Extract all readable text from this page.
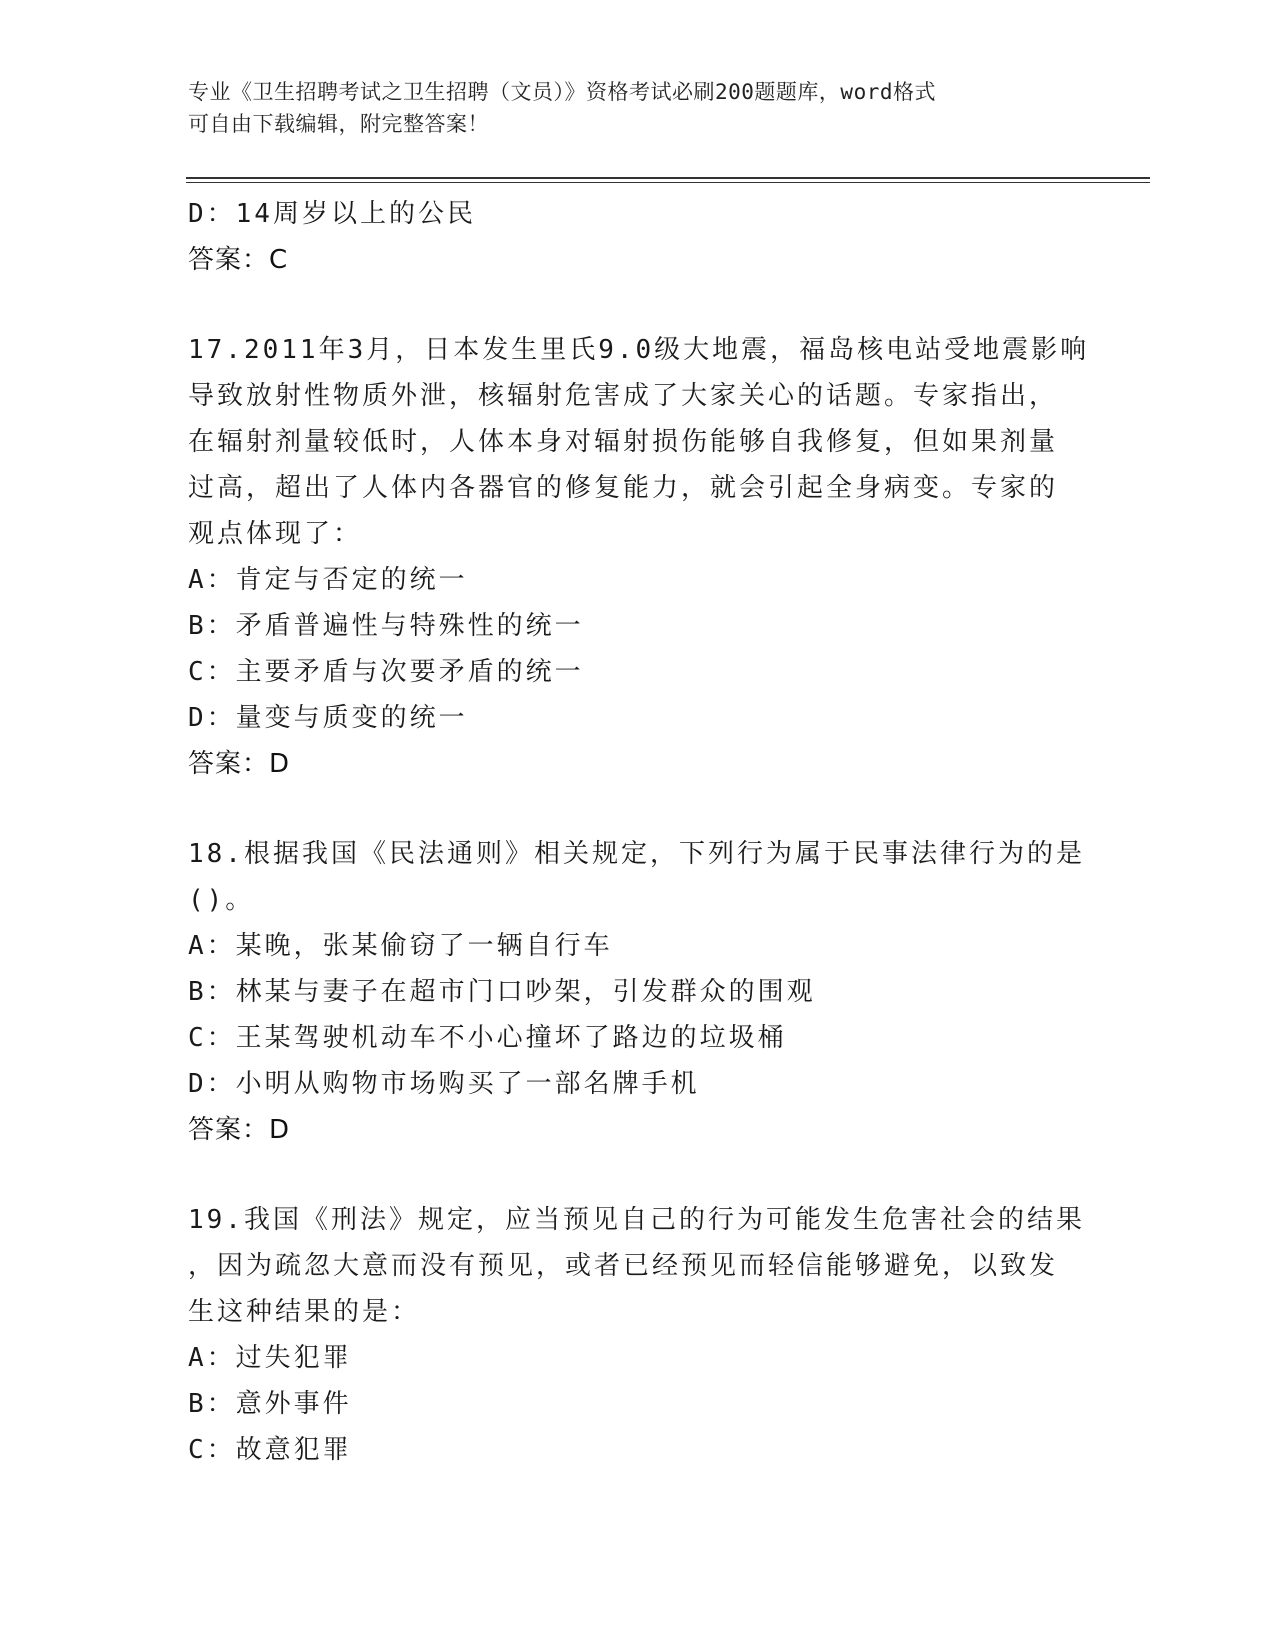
专业《卫生招聘考试之卫生招聘（文员）》资格考试必刷200题题库，word格式
可自由下载编辑，附完整答案！
D：14周岁以上的公民
答案：C
17.2011年3月，日本发生里氏9.0级大地震，福岛核电站受地震影响
导致放射性物质外泄，核辐射危害成了大家关心的话题。专家指出，
在辐射剂量较低时，人体本身对辐射损伤能够自我修复，但如果剂量
过高，超出了人体内各器官的修复能力，就会引起全身病变。专家的
观点体现了：
A：肯定与否定的统一
B：矛盾普遍性与特殊性的统一
C：主要矛盾与次要矛盾的统一
D：量变与质变的统一
答案：D
18.根据我国《民法通则》相关规定，下列行为属于民事法律行为的是
()。
A：某晚，张某偷窃了一辆自行车
B：林某与妻子在超市门口吵架，引发群众的围观
C：王某驾驶机动车不小心撞坏了路边的垃圾桶
D：小明从购物市场购买了一部名牌手机
答案：D
19.我国《刑法》规定，应当预见自己的行为可能发生危害社会的结果
，因为疏忽大意而没有预见，或者已经预见而轻信能够避免，以致发
生这种结果的是：
A：过失犯罪
B：意外事件
C：故意犯罪
